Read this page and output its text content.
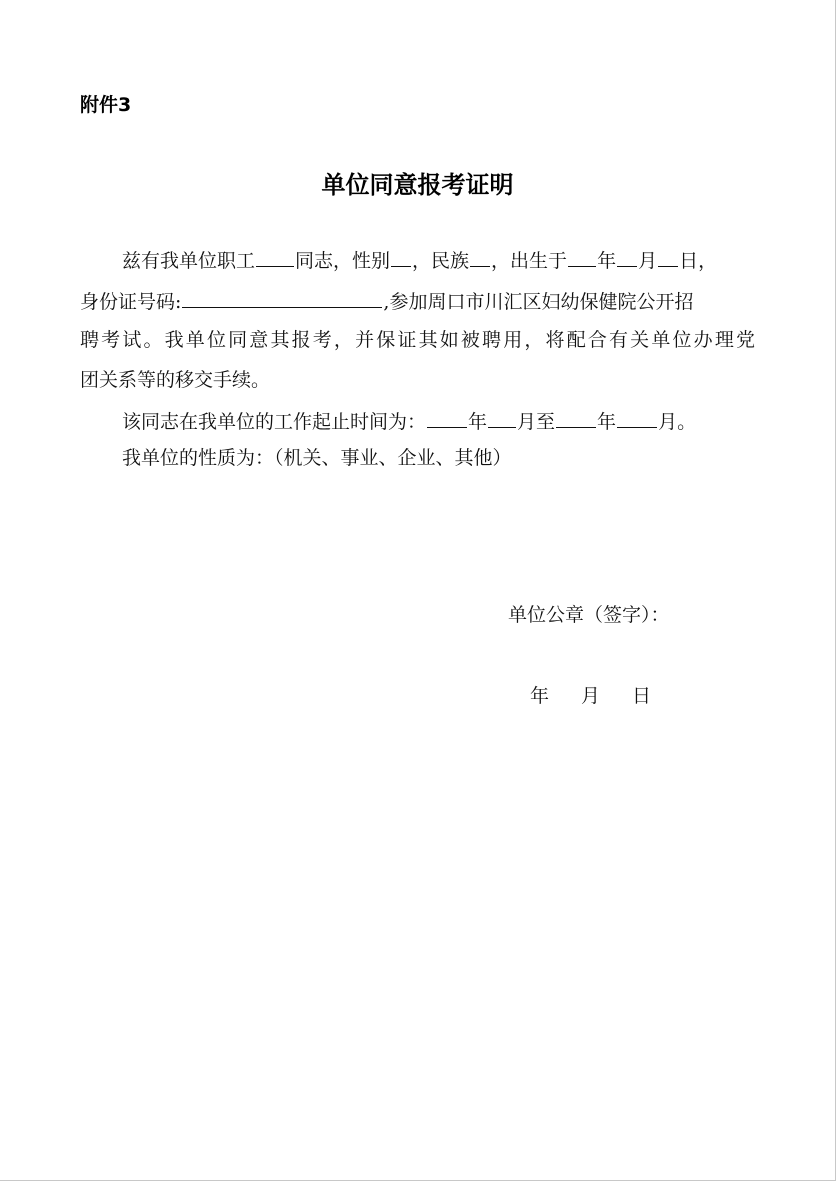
附件3
单位同意报考证明
兹有我单位职工 同志，性别 ，民族 ，出生于 年 月 日，
身份证号码:	,参加周口市川汇区妇幼保健院公开招
聘考试。我单位同意其报考，并保证其如被聘用，将配合有关单位办理党
团关系等的移交手续。
该同志在我单位的工作起止时间为： 年 月至 年 月。
我单位的性质为：（机关、事业、企业、其他）
单位公章（签字）：
年 月 日
